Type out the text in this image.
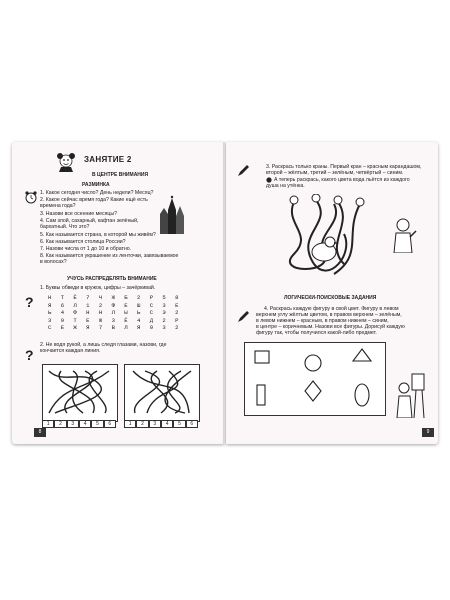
ЗАНЯТИЕ 2
В ЦЕНТРЕ ВНИМАНИЯ
РАЗМИНКА
1. Какое сегодня число? День недели? Месяц?
2. Какое сейчас время года? Какие ещё есть
времена года?
3. Назови все осенние месяцы?
4. Сам злой, сахарный, кафтан зелёный,
бархатный. Что это?
5. Как называется страна, в которой мы живём?
6. Как называется столица России?
7. Назови числа от 1 до 10 и обратно.
8. Как называется украшение из ленточки, завязываемое
в волосах?
УЧУСЬ РАСПРЕДЕЛЯТЬ ВНИМАНИЕ
?
1. Буквы обведи в кружок, цифры – зачёркивай.
Н Т Ё 7 Ч Ж Б 2 Р 5 8
Я 6 Л 1 2 Ф Е Ш С 3 Е
Ь 4 Ф Н Н Л Ы Ь С Э 2
3 9 Т Е Ж 3 Ё 4 Д 2 Р
С Е Ж Я 7 В Л Я 9 3 2
?
2. Не водя рукой, а лишь следя глазами, назови, где
кончается каждая линия.
1	2	3	4	5	6	1	2	3	4	5	6
8
3. Раскрась только краны. Первый кран – красным карандашом,
второй – жёлтым, третий – зелёным, четвёртый – синим.
А теперь раскрась, какого цвета вода льётся из каждого
душа на утёнка.
ЛОГИЧЕСКИ-ПОИСКОВЫЕ ЗАДАНИЯ
4. Раскрась каждую фигуру в свой цвет. Фигуру в левом
верхнем углу жёлтым цветом, в правом верхнем – зелёным,
в левом нижнем – красным, в правом нижнем – синим,
в центре – коричневым. Назови все фигуры. Дорисуй каждую
фигуру так, чтобы получился какой-либо предмет.
9
